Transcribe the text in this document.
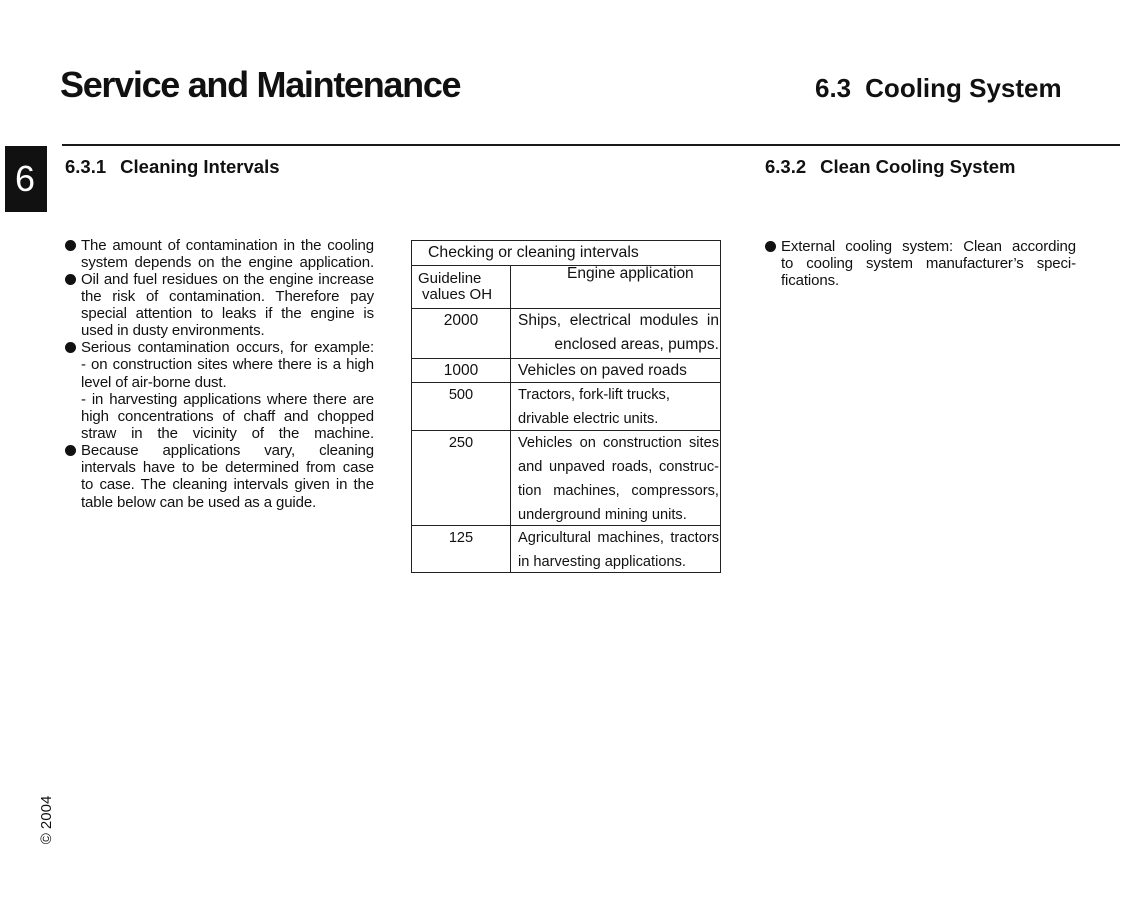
Service and Maintenance	6.3 Cooling System
6	6.3.1 Cleaning Intervals	6.3.2 Clean Cooling System
The amount of contamination in the cooling
system depends on the engine application.
Oil and fuel residues on the engine increase
the risk of contamination. Therefore pay
special attention to leaks if the engine is
used in dusty environments.
Serious contamination occurs, for example:
- on construction sites where there is a high
level of air-borne dust.
- in harvesting applications where there are
high concentrations of chaff and chopped
straw in the vicinity of the machine.
Because applications vary, cleaning
intervals have to be determined from case
to case. The cleaning intervals given in the
table below can be used as a guide.
Checking or cleaning intervals
Guideline
values OH
Engine application
2000	Ships, electrical modules in
enclosed areas, pumps.
1000	Vehicles on paved roads
500	Tractors, fork-lift trucks,
drivable electric units.
250	Vehicles on construction sites
and unpaved roads, construc-
tion machines, compressors,
underground mining units.
125	Agricultural machines, tractors
in harvesting applications.
External cooling system: Clean according
to cooling system manufacturer’s speci-
fications.
© 2004
